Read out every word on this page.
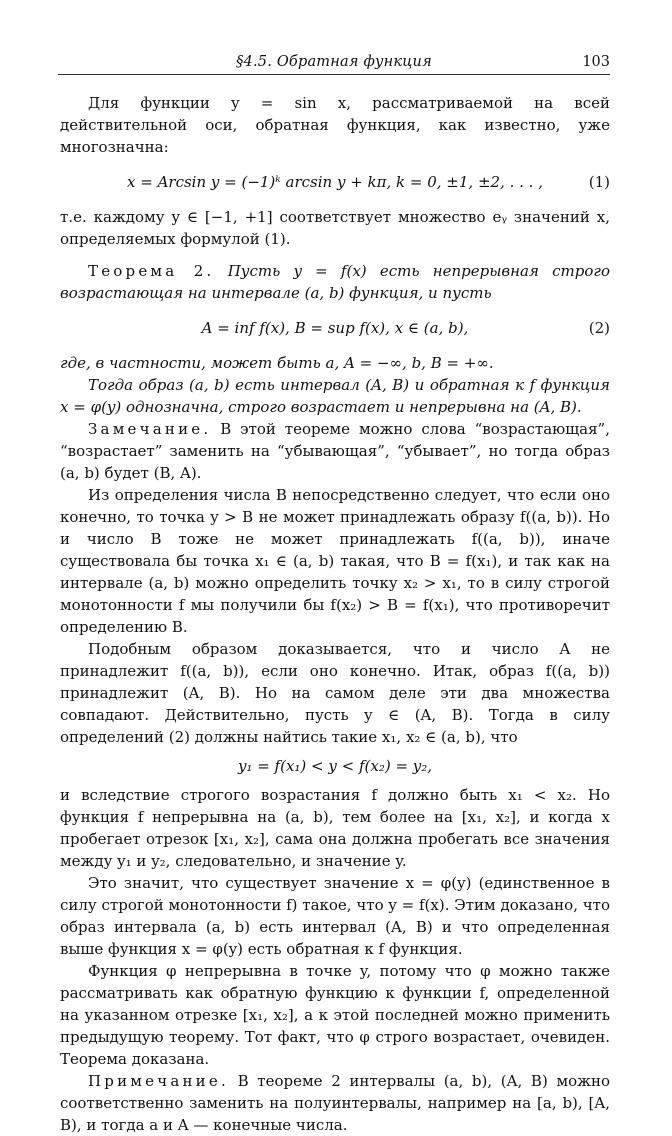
§4.5. Обратная функция	103

Для функции y = sin x, рассматриваемой на всей действительной оси, обратная функция, как известно, уже многозначна:

x = Arcsin y = (−1)ᵏ arcsin y + kπ, k = 0, ±1, ±2, . . . ,	(1)

т.е. каждому y ∈ [−1, +1] соответствует множество eᵧ значений x, определяемых формулой (1).

Теорема 2. Пусть y = f(x) есть непрерывная строго возрастающая на интервале (a, b) функция, и пусть

A = inf f(x), B = sup f(x), x ∈ (a, b),	(2)

где, в частности, может быть a, A = −∞, b, B = +∞.

Тогда образ (a, b) есть интервал (A, B) и обратная к f функция x = φ(y) однозначна, строго возрастает и непрерывна на (A, B).

Замечание. В этой теореме можно слова “возрастающая”, “возрастает” заменить на “убывающая”, “убывает”, но тогда образ (a, b) будет (B, A).

Из определения числа B непосредственно следует, что если оно конечно, то точка y > B не может принадлежать образу f((a, b)). Но и число B тоже не может принадлежать f((a, b)), иначе существовала бы точка x₁ ∈ (a, b) такая, что B = f(x₁), и так как на интервале (a, b) можно определить точку x₂ > x₁, то в силу строгой монотонности f мы получили бы f(x₂) > B = f(x₁), что противоречит определению B.

Подобным образом доказывается, что и число A не принадлежит f((a, b)), если оно конечно. Итак, образ f((a, b)) принадлежит (A, B). Но на самом деле эти два множества совпадают. Действительно, пусть y ∈ (A, B). Тогда в силу определений (2) должны найтись такие x₁, x₂ ∈ (a, b), что

y₁ = f(x₁) < y < f(x₂) = y₂,

и вследствие строгого возрастания f должно быть x₁ < x₂. Но функция f непрерывна на (a, b), тем более на [x₁, x₂], и когда x пробегает отрезок [x₁, x₂], сама она должна пробегать все значения между y₁ и y₂, следовательно, и значение y.

Это значит, что существует значение x = φ(y) (единственное в силу строгой монотонности f) такое, что y = f(x). Этим доказано, что образ интервала (a, b) есть интервал (A, B) и что определенная выше функция x = φ(y) есть обратная к f функция.

Функция φ непрерывна в точке y, потому что φ можно также рассматривать как обратную функцию к функции f, определенной на указанном отрезке [x₁, x₂], а к этой последней можно применить предыдущую теорему. Тот факт, что φ строго возрастает, очевиден. Теорема доказана.

Примечание. В теореме 2 интервалы (a, b), (A, B) можно соответственно заменить на полуинтервалы, например на [a, b), [A, B), и тогда a и A — конечные числа.
